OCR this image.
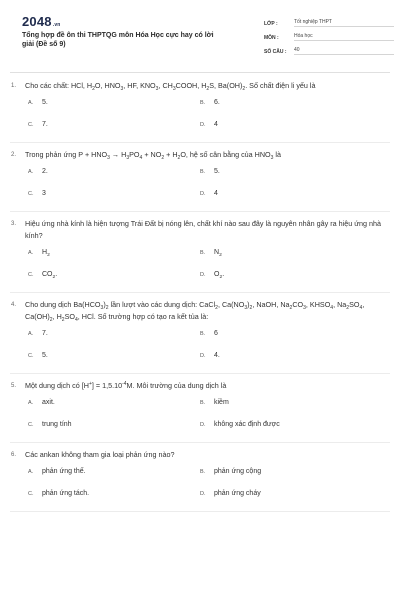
2048.vn
Tổng hợp đề ôn thi THPTQG môn Hóa Học cực hay có lời giải (Đề số 9)
LỚP :	Tốt nghiệp THPT
MÔN :	Hóa học
SỐ CÂU :	40
1.	Cho các chất: HCl, $H_2O$, $HNO_3$, HF, $KNO_3$, $CH_3COOH$, $H_2S$, $Ba(OH)_2$. Số chất điện li yếu là
A.	5.	B.	6.
C.	7.	D.	4
2.	Trong phản ứng $P + HNO_3 \to H_3PO_4 + NO_2 + H_2O$, hệ số cân bằng của $HNO_3$ là
A.	2.	B.	5.
C.	3	D.	4
3.	Hiệu ứng nhà kính là hiện tượng Trái Đất bị nóng lên, chất khí nào sau đây là nguyên nhân gây ra hiệu ứng nhà kính?
A.	$H_2$	B.	$N_2$
C.	$CO_2$.	D.	$O_2$.
4.	Cho dung dịch $Ba(HCO_3)_2$ lần lượt vào các dung dịch: CaCl$_2$, $Ca(NO_3)_2$, NaOH, $Na_2CO_3$, $KHSO_4$, $Na_2SO_4$, $Ca(OH)_2$, $H_2SO_4$, HCl. Số trường hợp có tạo ra kết tủa là:
A.	7.	B.	6
C.	5.	D.	4.
5.	Một dung dịch có $[H^+] = 1,5.10^{-4}M$. Môi trường của dung dịch là
A.	axit.	B.	kiềm
C.	trung tính	D.	không xác định được
6.	Các ankan không tham gia loại phản ứng nào?
A.	phản ứng thế.	B.	phản ứng cộng
C.	phản ứng tách.	D.	phản ứng cháy
